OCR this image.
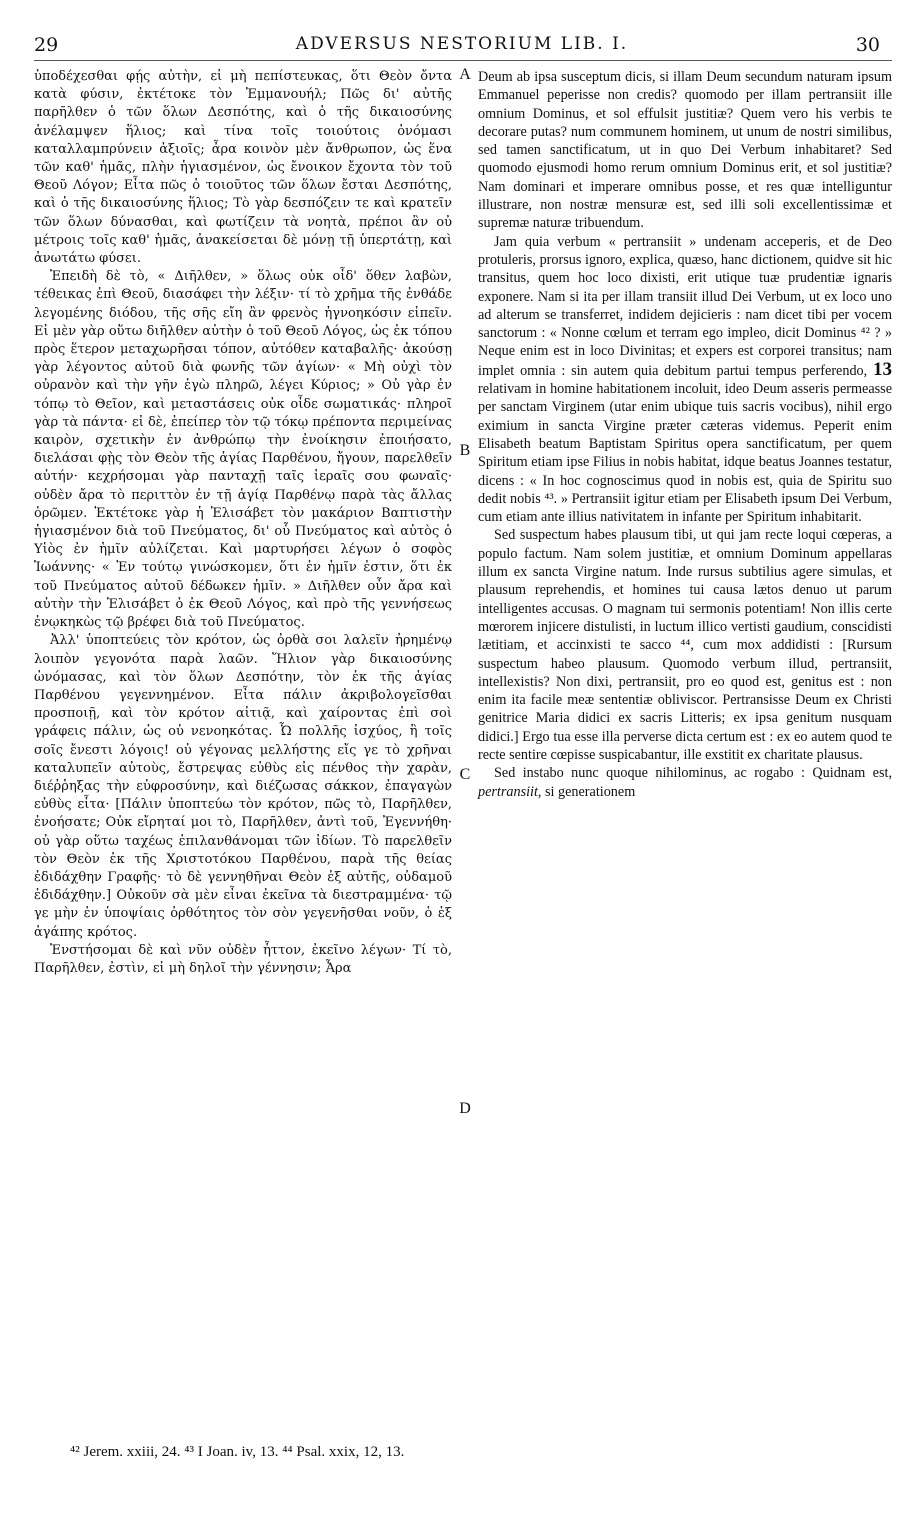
29	ADVERSUS NESTORIUM LIB. I.	30

ὑποδέχεσθαι φῄς αὐτὴν, εἰ μὴ πεπίστευκας, ὅτι Θεὸν ὄντα κατὰ φύσιν, ἐκτέτοκε τὸν Ἐμμανουήλ; Πῶς δι' αὐτῆς παρῆλθεν ὁ τῶν ὅλων Δεσπότης, καὶ ὁ τῆς δικαιοσύνης ἀνέλαμψεν ἥλιος; καὶ τίνα τοῖς τοιούτοις ὀνόμασι καταλλαμπρύνειν ἀξιοῖς; ἆρα κοινὸν μὲν ἄνθρωπον, ὡς ἕνα τῶν καθ' ἡμᾶς, πλὴν ἡγιασμένον, ὡς ἔνοικον ἔχοντα τὸν τοῦ Θεοῦ Λόγον; Εἶτα πῶς ὁ τοιοῦτος τῶν ὅλων ἔσται Δεσπότης, καὶ ὁ τῆς δικαιοσύνης ἥλιος; Τὸ γὰρ δεσπόζειν τε καὶ κρατεῖν τῶν ὅλων δύνασθαι, καὶ φωτίζειν τὰ νοητὰ, πρέποι ἂν οὐ μέτροις τοῖς καθ' ἡμᾶς, ἀνακείσεται δὲ μόνῃ τῇ ὑπερτάτῃ, καὶ ἀνωτάτω φύσει.

Ἐπειδὴ δὲ τὸ, « Διῆλθεν, » ὅλως οὐκ οἶδ' ὅθεν λαβὼν, τέθεικας ἐπὶ Θεοῦ, διασάφει τὴν λέξιν· τί τὸ χρῆμα τῆς ἐνθάδε λεγομένης διόδου, τῆς σῆς εἴη ἂν φρενὸς ἠγνοηκόσιν εἰπεῖν. Εἰ μὲν γὰρ οὕτω διῆλθεν αὐτὴν ὁ τοῦ Θεοῦ Λόγος, ὡς ἐκ τόπου πρὸς ἕτερον μεταχωρῆσαι τόπον, αὐτόθεν καταβαλῆς· ἀκούσῃ γὰρ λέγοντος αὐτοῦ διὰ φωνῆς τῶν ἁγίων· « Μὴ οὐχὶ τὸν οὐρανὸν καὶ τὴν γῆν ἐγὼ πληρῶ, λέγει Κύριος; » Οὐ γὰρ ἐν τόπῳ τὸ Θεῖον, καὶ μεταστάσεις οὐκ οἶδε σωματικάς· πληροῖ γὰρ τὰ πάντα· εἰ δὲ, ἐπείπερ τὸν τῷ τόκῳ πρέποντα περιμείνας καιρὸν, σχετικὴν ἐν ἀνθρώπῳ τὴν ἐνοίκησιν ἐποιήσατο, διελάσαι φῂς τὸν Θεὸν τῆς ἁγίας Παρθένου, ἤγουν, παρελθεῖν αὐτήν· κεχρήσομαι γὰρ πανταχῇ ταῖς ἱεραῖς σου φωναῖς· οὐδὲν ἄρα τὸ περιττὸν ἐν τῇ ἁγίᾳ Παρθένῳ παρὰ τὰς ἄλλας ὁρῶμεν. Ἐκτέτοκε γὰρ ἡ Ἐλισάβετ τὸν μακάριον Βαπτιστὴν ἡγιασμένον διὰ τοῦ Πνεύματος, δι' οὗ Πνεύματος καὶ αὐτὸς ὁ Υἱὸς ἐν ἡμῖν αὐλίζεται. Καὶ μαρτυρήσει λέγων ὁ σοφὸς Ἰωάννης· « Ἐν τούτῳ γινώσκομεν, ὅτι ἐν ἡμῖν ἐστιν, ὅτι ἐκ τοῦ Πνεύματος αὐτοῦ δέδωκεν ἡμῖν. » Διῆλθεν οὖν ἄρα καὶ αὐτὴν τὴν Ἐλισάβετ ὁ ἐκ Θεοῦ Λόγος, καὶ πρὸ τῆς γεννήσεως ἐνῳκηκὼς τῷ βρέφει διὰ τοῦ Πνεύματος.

Ἀλλ' ὑποπτεύεις τὸν κρότον, ὡς ὀρθὰ σοι λαλεῖν ἠρημένῳ λοιπὸν γεγονότα παρὰ λαῶν. Ἥλιον γὰρ δικαιοσύνης ὠνόμασας, καὶ τὸν ὅλων Δεσπότην, τὸν ἐκ τῆς ἁγίας Παρθένου γεγεννημένον. Εἶτα πάλιν ἀκριβολογεῖσθαι προσποιῇ, καὶ τὸν κρότον αἰτιᾷ, καὶ χαίροντας ἐπὶ σοὶ γράφεις πάλιν, ὡς οὐ νενοηκότας. Ὦ πολλῆς ἰσχύος, ἣ τοῖς σοῖς ἔνεστι λόγοις! οὐ γέγονας μελλήστης εἴς γε τὸ χρῆναι καταλυπεῖν αὐτοὺς, ἔστρεψας εὐθὺς εἰς πένθος τὴν χαρὰν, διέῤῥηξας τὴν εὐφροσύνην, καὶ διέζωσας σάκκον, ἐπαγαγὼν εὐθὺς εἶτα· [Πάλιν ὑποπτεύω τὸν κρότον, πῶς τὸ, Παρῆλθεν, ἐνοήσατε; Οὐκ εἴρηταί μοι τὸ, Παρῆλθεν, ἀντὶ τοῦ, Ἐγεννήθη· οὐ γὰρ οὕτω ταχέως ἐπιλανθάνομαι τῶν ἰδίων. Τὸ παρελθεῖν τὸν Θεὸν ἐκ τῆς Χριστοτόκου Παρθένου, παρὰ τῆς θείας ἐδιδάχθην Γραφῆς· τὸ δὲ γεννηθῆναι Θεὸν ἐξ αὐτῆς, οὐδαμοῦ ἐδιδάχθην.] Οὐκοῦν σὰ μὲν εἶναι ἐκεῖνα τὰ διεστραμμένα· τῷ γε μὴν ἐν ὑποψίαις ὀρθότητος τὸν σὸν γεγενῆσθαι νοῦν, ὁ ἐξ ἀγάπης κρότος.

Ἐνστήσομαι δὲ καὶ νῦν οὐδὲν ἧττον, ἐκεῖνο λέγων· Τί τὸ, Παρῆλθεν, ἐστὶν, εἰ μὴ δηλοῖ τὴν γέννησιν; Ἆρα

A
B
C
D

Deum ab ipsa susceptum dicis, si illam Deum secundum naturam ipsum Emmanuel peperisse non credis? quomodo per illam pertransiit ille omnium Dominus, et sol effulsit justitiæ? Quem vero his verbis te decorare putas? num communem hominem, ut unum de nostri similibus, sed tamen sanctificatum, ut in quo Dei Verbum inhabitaret? Sed quomodo ejusmodi homo rerum omnium Dominus erit, et sol justitiæ? Nam dominari et imperare omnibus posse, et res quæ intelliguntur illustrare, non nostræ mensuræ est, sed illi soli excellentissimæ et supremæ naturæ tribuendum.

Jam quia verbum « pertransiit » undenam acceperis, et de Deo protuleris, prorsus ignoro, explica, quæso, hanc dictionem, quidve sit hic transitus, quem hoc loco dixisti, erit utique tuæ prudentiæ ignaris exponere. Nam si ita per illam transiit illud Dei Verbum, ut ex loco uno ad alterum se transferret, indidem dejicieris : nam dicet tibi per vocem sanctorum : « Nonne cœlum et terram ego impleo, dicit Dominus ⁴² ? » Neque enim est in loco Divinitas; et expers est corporei transitus; nam implet omnia : sin autem quia debitum partui tempus perferendo, 13 relativam in homine habitationem incoluit, ideo Deum asseris permeasse per sanctam Virginem (utar enim ubique tuis sacris vocibus), nihil ergo eximium in sancta Virgine præter cæteras videmus. Peperit enim Elisabeth beatum Baptistam Spiritus opera sanctificatum, per quem Spiritum etiam ipse Filius in nobis habitat, idque beatus Joannes testatur, dicens : « In hoc cognoscimus quod in nobis est, quia de Spiritu suo dedit nobis ⁴³. » Pertransiit igitur etiam per Elisabeth ipsum Dei Verbum, cum etiam ante illius nativitatem in infante per Spiritum inhabitarit.

Sed suspectum habes plausum tibi, ut qui jam recte loqui cœperas, a populo factum. Nam solem justitiæ, et omnium Dominum appellaras illum ex sancta Virgine natum. Inde rursus subtilius agere simulas, et plausum reprehendis, et homines tui causa lætos denuo ut parum intelligentes accusas. O magnam tui sermonis potentiam! Non illis certe mœrorem injicere distulisti, in luctum illico vertisti gaudium, conscidisti lætitiam, et accinxisti te sacco ⁴⁴, cum mox addidisti : [Rursum suspectum habeo plausum. Quomodo verbum illud, pertransiit, intellexistis? Non dixi, pertransiit, pro eo quod est, genitus est : non enim ita facile meæ sententiæ obliviscor. Pertransisse Deum ex Christi genitrice Maria didici ex sacris Litteris; ex ipsa genitum nusquam didici.] Ergo tua esse illa perverse dicta certum est : ex eo autem quod te recte sentire cœpisse suspicabantur, ille exstitit ex charitate plausus.

Sed instabo nunc quoque nihilominus, ac rogabo : Quidnam est, pertransiit, si generationem

⁴² Jerem. xxiii, 24. ⁴³ I Joan. iv, 13. ⁴⁴ Psal. xxix, 12, 13.
